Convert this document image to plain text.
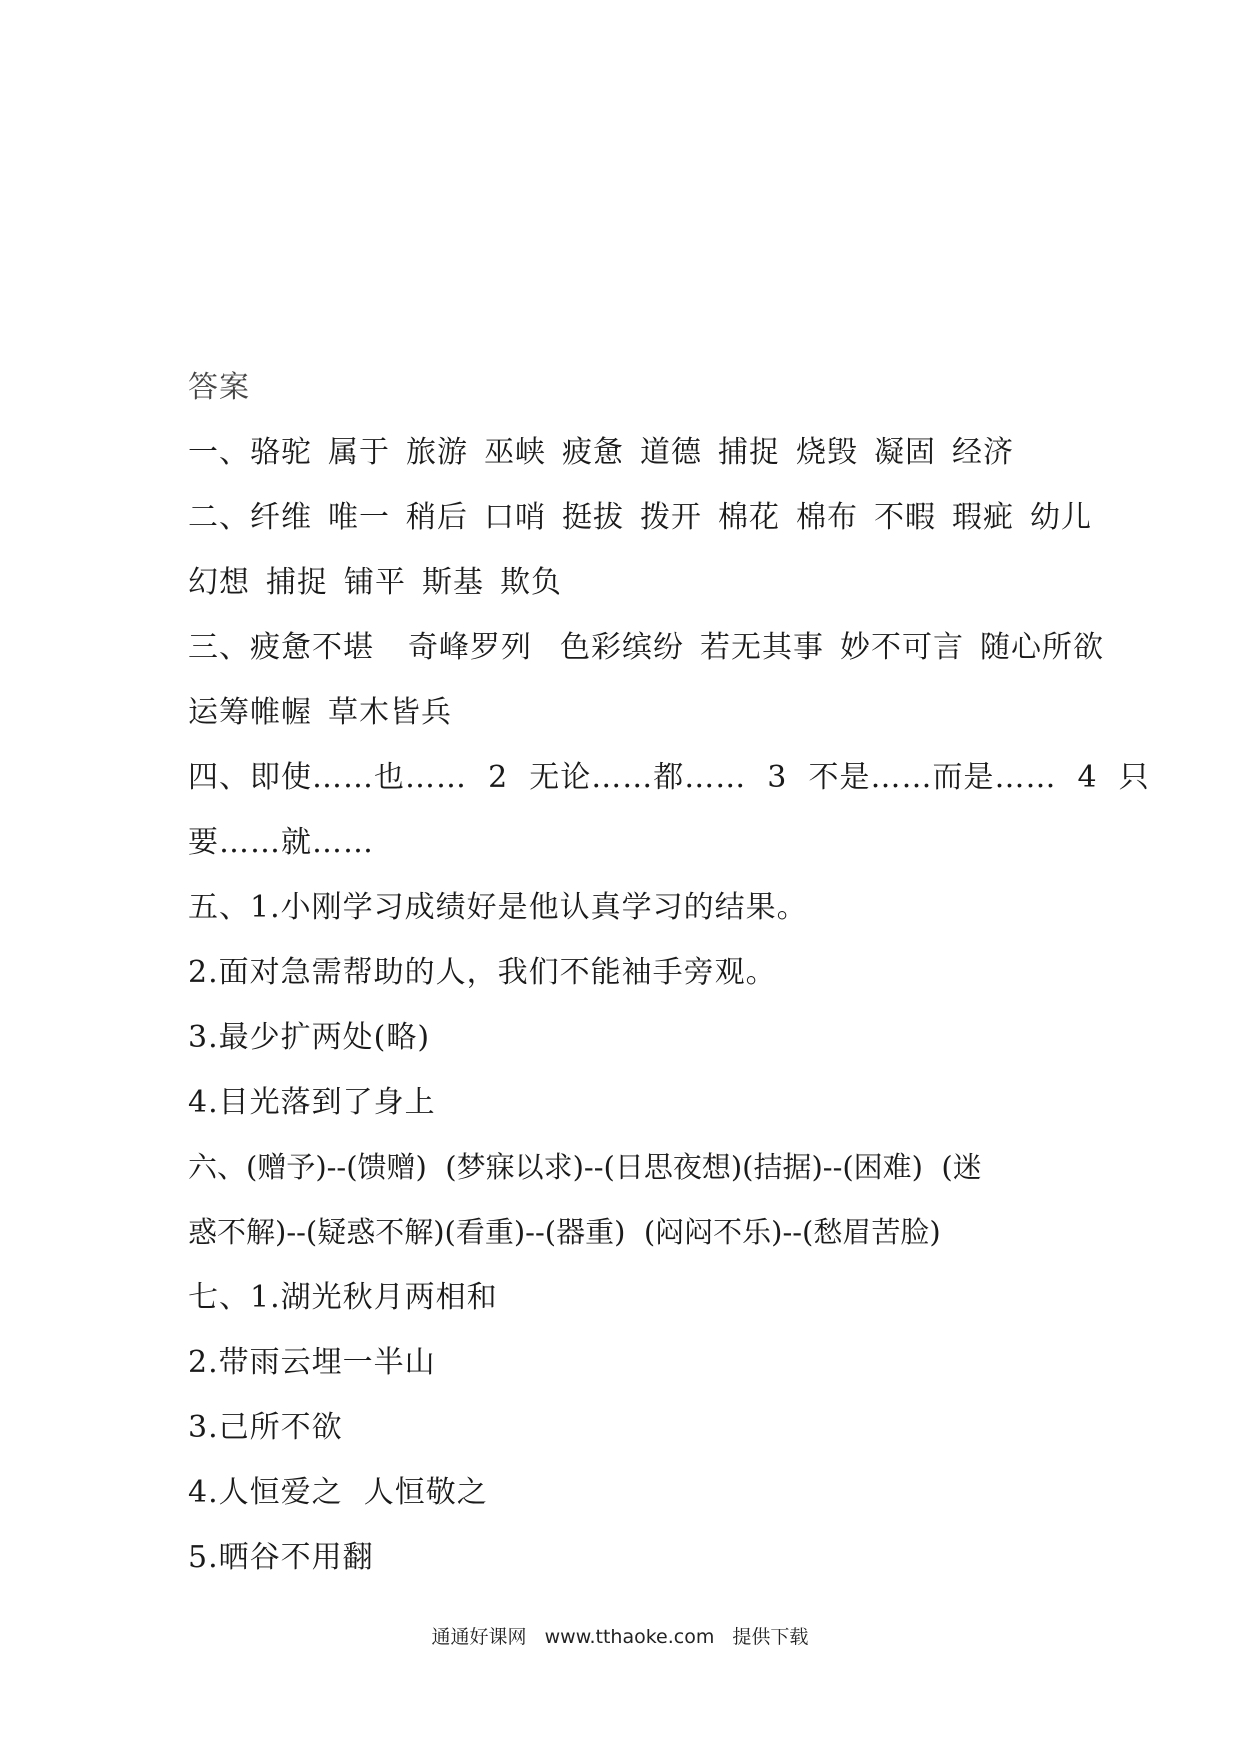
答案
一、骆驼 属于 旅游 巫峡 疲惫 道德 捕捉 烧毁 凝固 经济
二、纤维 唯一 稍后 口哨 挺拔 拨开 棉花 棉布 不暇 瑕疵 幼儿
幻想 捕捉 铺平 斯基 欺负
三、疲惫不堪 奇峰罗列 色彩缤纷 若无其事 妙不可言 随心所欲
运筹帷幄 草木皆兵
四、即使……也……  2  无论……都……  3  不是……而是……  4  只
要……就……
五、1.小刚学习成绩好是他认真学习的结果。
2.面对急需帮助的人，我们不能袖手旁观。
3.最少扩两处(略)
4.目光落到了身上
六、(赠予)--(馈赠)  (梦寐以求)--(日思夜想)(拮据)--(困难)  (迷
惑不解)--(疑惑不解)(看重)--(器重)  (闷闷不乐)--(愁眉苦脸)
七、1.湖光秋月两相和
2.带雨云埋一半山
3.己所不欲
4.人恒爱之  人恒敬之
5.晒谷不用翻
通通好课网 www.tthaoke.com 提供下载
